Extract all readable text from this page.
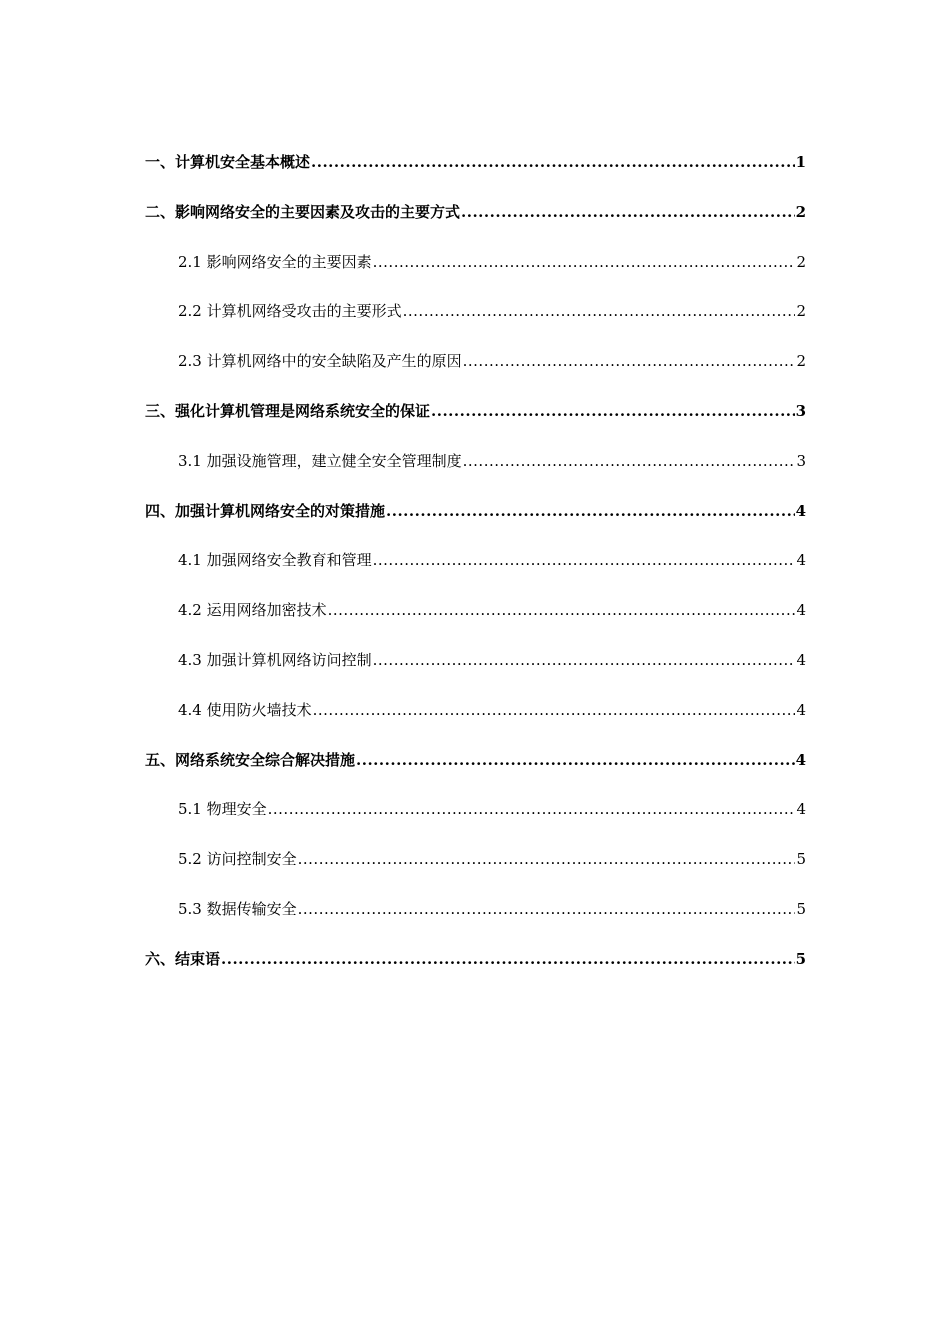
一、计算机安全基本概述 .....	1
二、影响网络安全的主要因素及攻击的主要方式 .....	2
2.1 影响网络安全的主要因素 .....	2
2.2 计算机网络受攻击的主要形式 .....	2
2.3 计算机网络中的安全缺陷及产生的原因 .....	2
三、强化计算机管理是网络系统安全的保证 .....	3
3.1 加强设施管理，建立健全安全管理制度 .....	3
四、加强计算机网络安全的对策措施 .....	4
4.1 加强网络安全教育和管理 .....	4
4.2 运用网络加密技术 .....	4
4.3 加强计算机网络访问控制 .....	4
4.4 使用防火墙技术 .....	4
五、网络系统安全综合解决措施 .....	4
5.1 物理安全 .....	4
5.2 访问控制安全 .....	5
5.3 数据传输安全 .....	5
六、结束语 .....	5
